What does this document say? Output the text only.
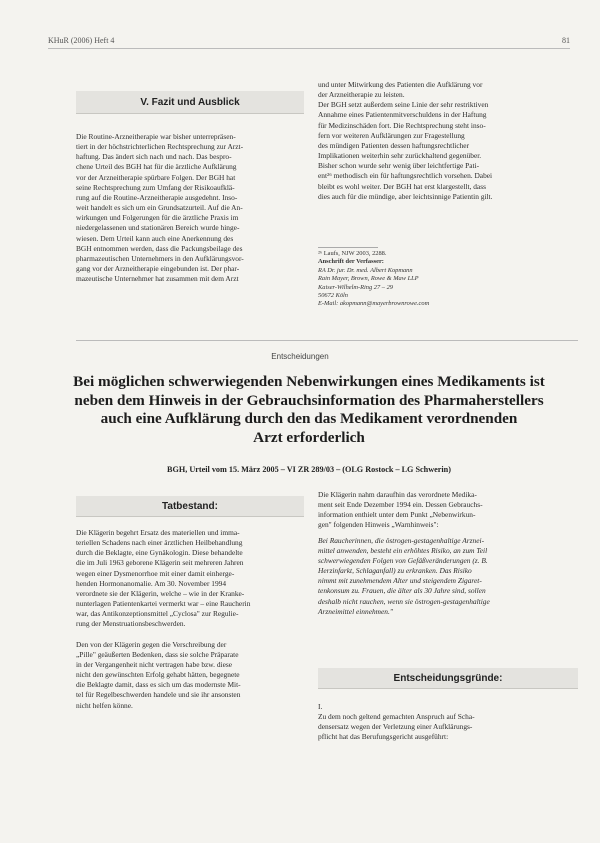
KHuR (2006) Heft 4	81
V. Fazit und Ausblick
Die Routine-Arzneitherapie war bisher unterrepräsen-
tiert in der höchstrichterlichen Rechtsprechung zur Arzt-
haftung. Das ändert sich nach und nach. Das bespro-
chene Urteil des BGH hat für die ärztliche Aufklärung
vor der Arzneitherapie spürbare Folgen. Der BGH hat
seine Rechtsprechung zum Umfang der Risikoaufklä-
rung auf die Routine-Arzneitherapie ausgedehnt. Inso-
weit handelt es sich um ein Grundsatzurteil. Auf die An-
wirkungen und Folgerungen für die ärztliche Praxis im
niedergelassenen und stationären Bereich wurde hinge-
wiesen. Dem Urteil kann auch eine Anerkennung des
BGH entnommen werden, dass die Packungsbeilage des
pharmazeutischen Unternehmers in den Aufklärungsvor-
gang vor der Arzneitherapie eingebunden ist. Der phar-
mazeutische Unternehmer hat zusammen mit dem Arzt
und unter Mitwirkung des Patienten die Aufklärung vor
der Arzneitherapie zu leisten.
Der BGH setzt außerdem seine Linie der sehr restriktiven
Annahme eines Patientenmitverschuldens in der Haftung
für Medizinschäden fort. Die Rechtsprechung steht inso-
fern vor weiteren Aufklärungen zur Fragestellung
des mündigen Patienten dessen haftungsrechtlicher
Implikationen weiterhin sehr zurückhaltend gegenüber.
Bisher schon wurde sehr wenig über leichtfertige Pati-
ent²⁶ methodisch ein für haftungsrechtlich vorsehen. Dabei
bleibt es wohl weiter. Der BGH hat erst klargestellt, dass
dies auch für die mündige, aber leichtsinnige Patientin gilt.
²⁶ Laufs, NJW 2003, 2288.
Anschrift der Verfasser:
RA Dr. jur. Dr. med. Albert Kopmann
Rain Mayer, Brown, Rowe & Maw LLP
Kaiser-Wilhelm-Ring 27 – 29
50672 Köln
E-Mail: akopmann@mayerbrownrowe.com
Entscheidungen
Bei möglichen schwerwiegenden Nebenwirkungen eines Medikaments ist
neben dem Hinweis in der Gebrauchsinformation des Pharmaherstellers
auch eine Aufklärung durch den das Medikament verordnenden
Arzt erforderlich
BGH, Urteil vom 15. März 2005 – VI ZR 289/03 – (OLG Rostock – LG Schwerin)
Tatbestand:
Die Klägerin begehrt Ersatz des materiellen und imma-
teriellen Schadens nach einer ärztlichen Heilbehandlung
durch die Beklagte, eine Gynäkologin. Diese behandelte
die im Juli 1963 geborene Klägerin seit mehreren Jahren
wegen einer Dysmenorrhoe mit einer damit einherge-
henden Hormonanomalie. Am 30. November 1994
verordnete sie der Klägerin, welche – wie in der Kranke-
nunterlagen Patientenkartei vermerkt war – eine Raucherin
war, das Antikonzeptionsmittel „Cyclosa" zur Regulie-
rung der Menstruationsbeschwerden.
Den von der Klägerin gegen die Verschreibung der
„Pille" geäußerten Bedenken, dass sie solche Präparate
in der Vergangenheit nicht vertragen habe bzw. diese
nicht den gewünschten Erfolg gehabt hätten, begegnete
die Beklagte damit, dass es sich um das modernste Mit-
tel für Regelbeschwerden handele und sie ihr ansonsten
nicht helfen könne.
Die Klägerin nahm daraufhin das verordnete Medika-
ment seit Ende Dezember 1994 ein. Dessen Gebrauchs-
information enthielt unter dem Punkt „Nebenwirkun-
gen" folgenden Hinweis „Warnhinweis":
Bei Raucherinnen, die östrogen-gestagenhaltige Arznei-
mittel anwenden, besteht ein erhöhtes Risiko, an zum Teil
schwerwiegenden Folgen von Gefäßveränderungen (z. B.
Herzinfarkt, Schlaganfall) zu erkranken. Das Risiko
nimmt mit zunehmendem Alter und steigendem Zigaret-
tenkonsum zu. Frauen, die älter als 30 Jahre sind, sollen
deshalb nicht rauchen, wenn sie östrogen-gestagenhaltige
Arzneimittel einnehmen."
Entscheidungsgründe:
I.
Zu dem noch geltend gemachten Anspruch auf Scha-
densersatz wegen der Verletzung einer Aufklärungs-
pflicht hat das Berufungsgericht ausgeführt:
